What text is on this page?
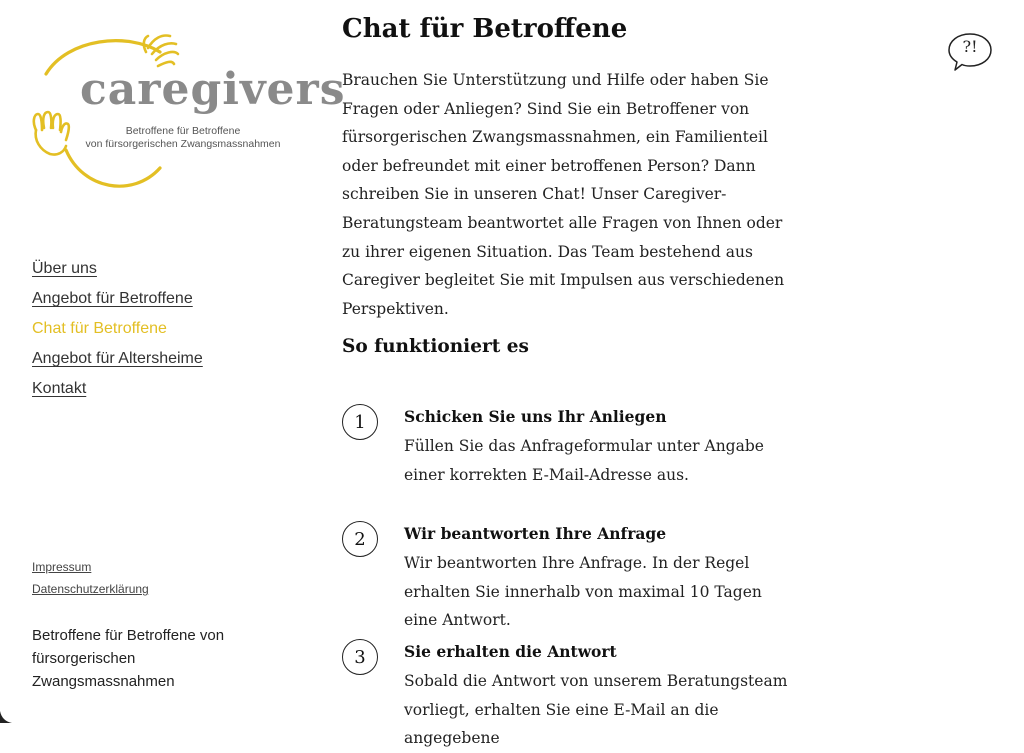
caregivers
Betroffene für Betroffene
von fürsorgerischen Zwangsmassnahmen
Über uns
Angebot für Betroffene
Chat für Betroffene
Angebot für Altersheime
Kontakt
Impressum
Datenschutzerklärung
Betroffene für Betroffene von fürsorgerischen Zwangsmassnahmen
Chat für Betroffene

Brauchen Sie Unterstützung und Hilfe oder haben Sie Fragen oder Anliegen? Sind Sie ein Betroffener von fürsorgerischen Zwangsmassnahmen, ein Familienteil oder befreundet mit einer betroffenen Person? Dann schreiben Sie in unseren Chat! Unser Caregiver-Beratungsteam beantwortet alle Fragen von Ihnen oder zu ihrer eigenen Situation. Das Team bestehend aus Caregiver begleitet Sie mit Impulsen aus verschiedenen Perspektiven.

So funktioniert es
1	Schicken Sie uns Ihr Anliegen

Füllen Sie das Anfrageformular unter Angabe einer korrekten E-Mail-Adresse aus.

2	Wir beantworten Ihre Anfrage

Wir beantworten Ihre Anfrage. In der Regel erhalten Sie innerhalb von maximal 10 Tagen eine Antwort.

3	Sie erhalten die Antwort

Sobald die Antwort von unserem Beratungsteam vorliegt, erhalten Sie eine E-Mail an die angegebene

?!
